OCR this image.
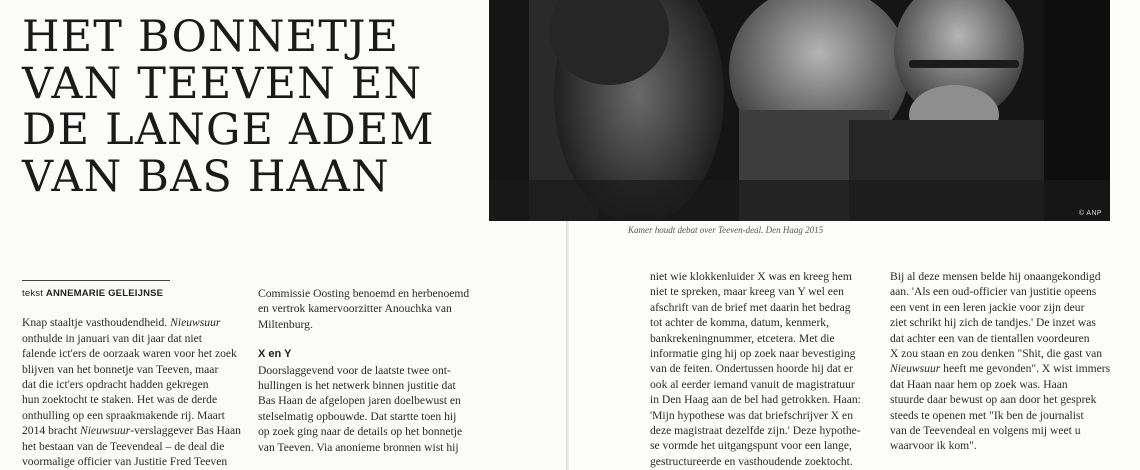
HET BONNETJE
VAN TEEVEN EN
DE LANGE ADEM
VAN BAS HAAN
© ANP
Kamer houdt debat over Teeven-deal. Den Haag 2015

tekst ANNEMARIE GELEIJNSE

Knap staaltje vasthoudendheid. Nieuwsuur

onthulde in januari van dit jaar dat niet

falende ict'ers de oorzaak waren voor het zoek

blijven van het bonnetje van Teeven, maar

dat die ict'ers opdracht hadden gekregen

hun zoektocht te staken. Het was de derde

onthulling op een spraakmakende rij. Maart

2014 bracht Nieuwsuur-verslaggever Bas Haan

het bestaan van de Teevendeal – de deal die

voormalige officier van Justitie Fred Teeven

Commissie Oosting benoemd en herbenoemd

en vertrok kamervoorzitter Anouchka van

Miltenburg.

X en Y

Doorslaggevend voor de laatste twee ont-

hullingen is het netwerk binnen justitie dat

Bas Haan de afgelopen jaren doelbewust en

stelselmatig opbouwde. Dat startte toen hij

op zoek ging naar de details op het bonnetje

van Teeven. Via anonieme bronnen wist hij

niet wie klokkenluider X was en kreeg hem

niet te spreken, maar kreeg van Y wel een

afschrift van de brief met daarin het bedrag

tot achter de komma, datum, kenmerk,

bankrekeningnummer, etcetera. Met die

informatie ging hij op zoek naar bevestiging

van de feiten. Ondertussen hoorde hij dat er

ook al eerder iemand vanuit de magistratuur

in Den Haag aan de bel had getrokken. Haan:

'Mijn hypothese was dat briefschrijver X en

deze magistraat dezelfde zijn.' Deze hypothe-

se vormde het uitgangspunt voor een lange,

gestructureerde en vasthoudende zoektocht.

Bij al deze mensen belde hij onaangekondigd

aan. 'Als een oud-officier van justitie opeens

een vent in een leren jackie voor zijn deur

ziet schrikt hij zich de tandjes.' De inzet was

dat achter een van de tientallen voordeuren

X zou staan en zou denken "Shit, die gast van

Nieuwsuur heeft me gevonden". X wist immers

dat Haan naar hem op zoek was. Haan

stuurde daar bewust op aan door het gesprek

steeds te openen met "Ik ben de journalist

van de Teevendeal en volgens mij weet u

waarvoor ik kom".
